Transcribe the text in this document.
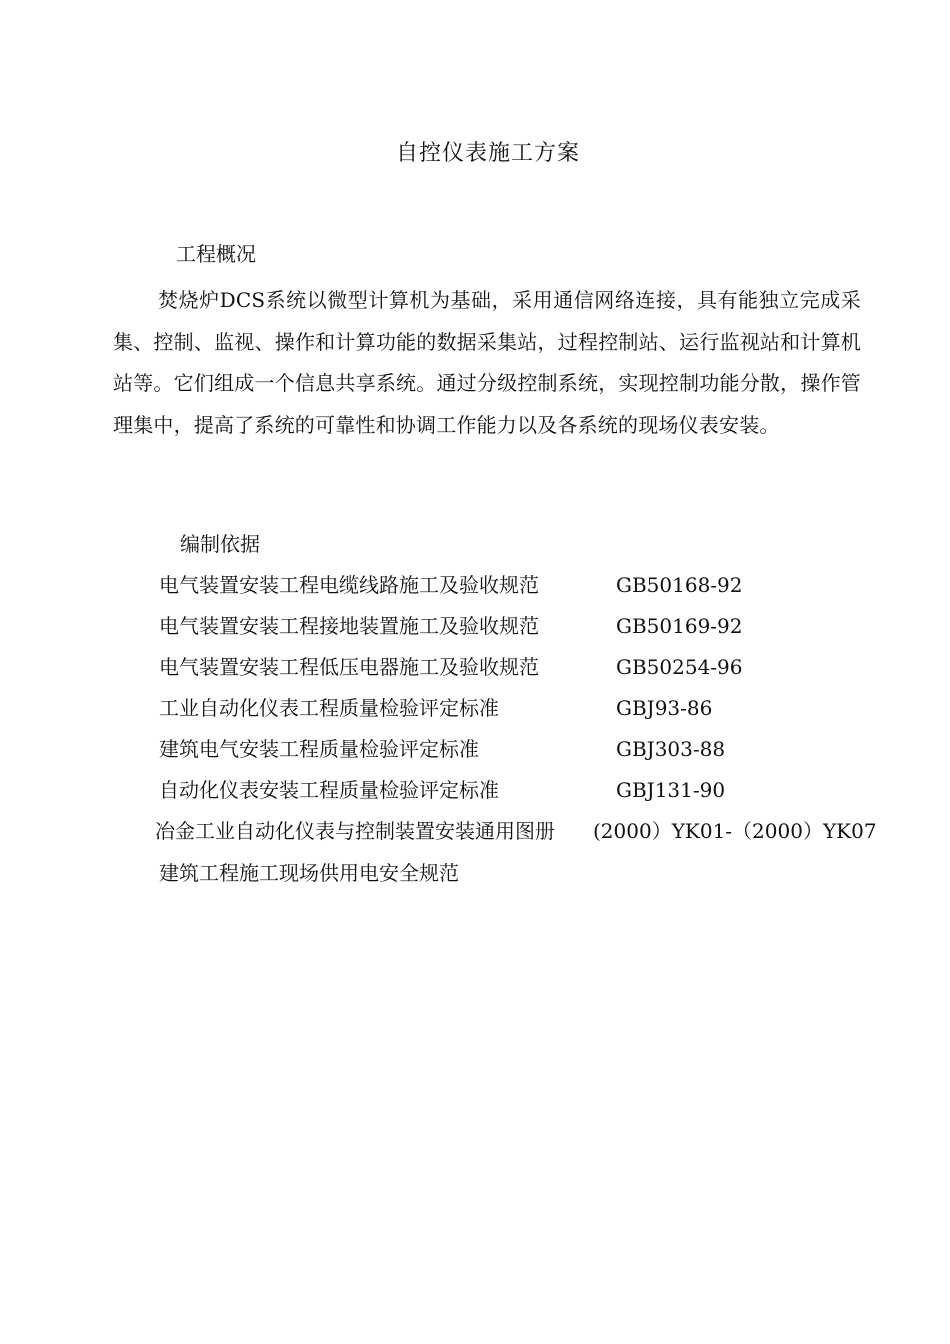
自控仪表施工方案
工程概况
焚烧炉DCS系统以微型计算机为基础，采用通信网络连接，具有能独立完成采集、控制、监视、操作和计算功能的数据采集站，过程控制站、运行监视站和计算机站等。它们组成一个信息共享系统。通过分级控制系统，实现控制功能分散，操作管理集中，提高了系统的可靠性和协调工作能力以及各系统的现场仪表安装。
编制依据
电气装置安装工程电缆线路施工及验收规范	GB50168-92
电气装置安装工程接地装置施工及验收规范	GB50169-92
电气装置安装工程低压电器施工及验收规范	GB50254-96
工业自动化仪表工程质量检验评定标准	GBJ93-86
建筑电气安装工程质量检验评定标准	GBJ303-88
自动化仪表安装工程质量检验评定标准	GBJ131-90
冶金工业自动化仪表与控制装置安装通用图册 (2000）YK01-（2000）YK07
建筑工程施工现场供用电安全规范
